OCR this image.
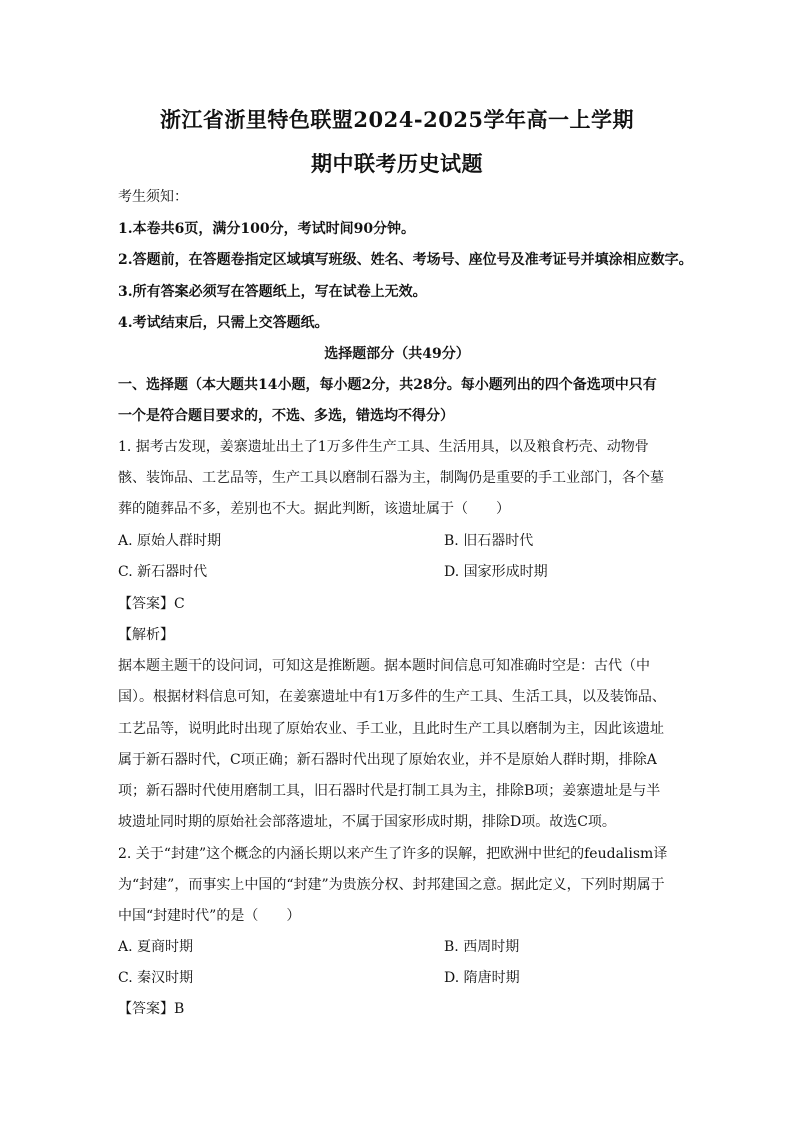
浙江省浙里特色联盟2024-2025学年高一上学期
期中联考历史试题
考生须知：
1.本卷共6页，满分100分，考试时间90分钟。
2.答题前，在答题卷指定区域填写班级、姓名、考场号、座位号及准考证号并填涂相应数字。
3.所有答案必须写在答题纸上，写在试卷上无效。
4.考试结束后，只需上交答题纸。
选择题部分（共49分）
一、选择题（本大题共14小题，每小题2分，共28分。每小题列出的四个备选项中只有
一个是符合题目要求的，不选、多选，错选均不得分）
1. 据考古发现，姜寨遗址出土了1万多件生产工具、生活用具，以及粮食朽壳、动物骨
骸、装饰品、工艺品等，生产工具以磨制石器为主，制陶仍是重要的手工业部门，各个墓
葬的随葬品不多，差别也不大。据此判断，该遗址属于（　　）
A. 原始人群时期	B. 旧石器时代
C. 新石器时代	D. 国家形成时期
【答案】C
【解析】
据本题主题干的设问词，可知这是推断题。据本题时间信息可知准确时空是：古代（中
国）。根据材料信息可知，在姜寨遗址中有1万多件的生产工具、生活工具，以及装饰品、
工艺品等，说明此时出现了原始农业、手工业，且此时生产工具以磨制为主，因此该遗址
属于新石器时代，C项正确；新石器时代出现了原始农业，并不是原始人群时期，排除A
项；新石器时代使用磨制工具，旧石器时代是打制工具为主，排除B项；姜寨遗址是与半
坡遗址同时期的原始社会部落遗址，不属于国家形成时期，排除D项。故选C项。
2. 关于“封建”这个概念的内涵长期以来产生了许多的误解，把欧洲中世纪的feudalism译
为“封建”，而事实上中国的“封建”为贵族分权、封邦建国之意。据此定义，下列时期属于
中国“封建时代”的是（　　）
A. 夏商时期	B. 西周时期
C. 秦汉时期	D. 隋唐时期
【答案】B
